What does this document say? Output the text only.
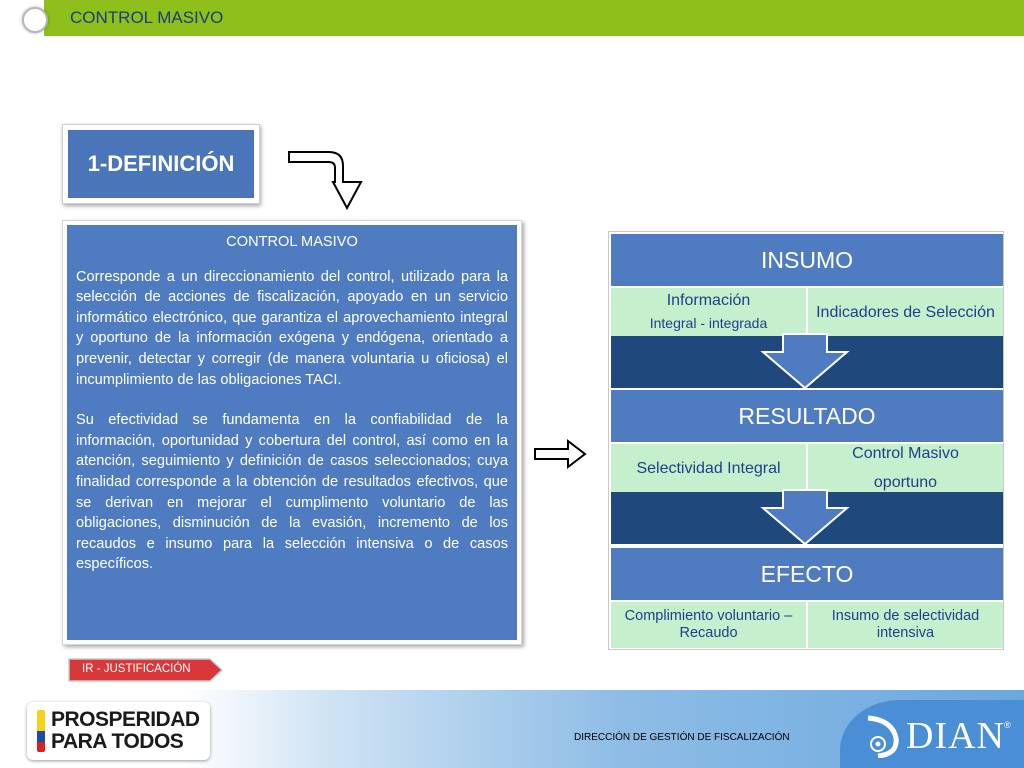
CONTROL MASIVO
1-DEFINICIÓN
CONTROL MASIVO

Corresponde a un direccionamiento del control, utilizado para la selección de acciones de fiscalización, apoyado en un servicio informático electrónico, que garantiza el aprovechamiento integral y oportuno de la información exógena y endógena, orientado a prevenir, detectar y corregir (de manera voluntaria u oficiosa) el incumplimiento de las obligaciones TACI.

Su efectividad se fundamenta en la confiabilidad de la información, oportunidad y cobertura del control, así como en la atención, seguimiento y definición de casos seleccionados; cuya finalidad corresponde a la obtención de resultados efectivos, que se derivan en mejorar el cumplimento voluntario de las obligaciones, disminución de la evasión, incremento de los recaudos e insumo para la selección intensiva o de casos específicos.

INSUMO
Información
Integral - integrada
Indicadores de Selección
RESULTADO
Selectividad Integral
Control Masivo
oportuno
EFECTO
Complimiento voluntario – Recaudo
Insumo de selectividad intensiva
IR - JUSTIFICACIÓN
PROSPERIDAD
PARA TODOS	DIRECCIÓN DE GESTIÓN DE FISCALIZACIÓN	DIAN ®
